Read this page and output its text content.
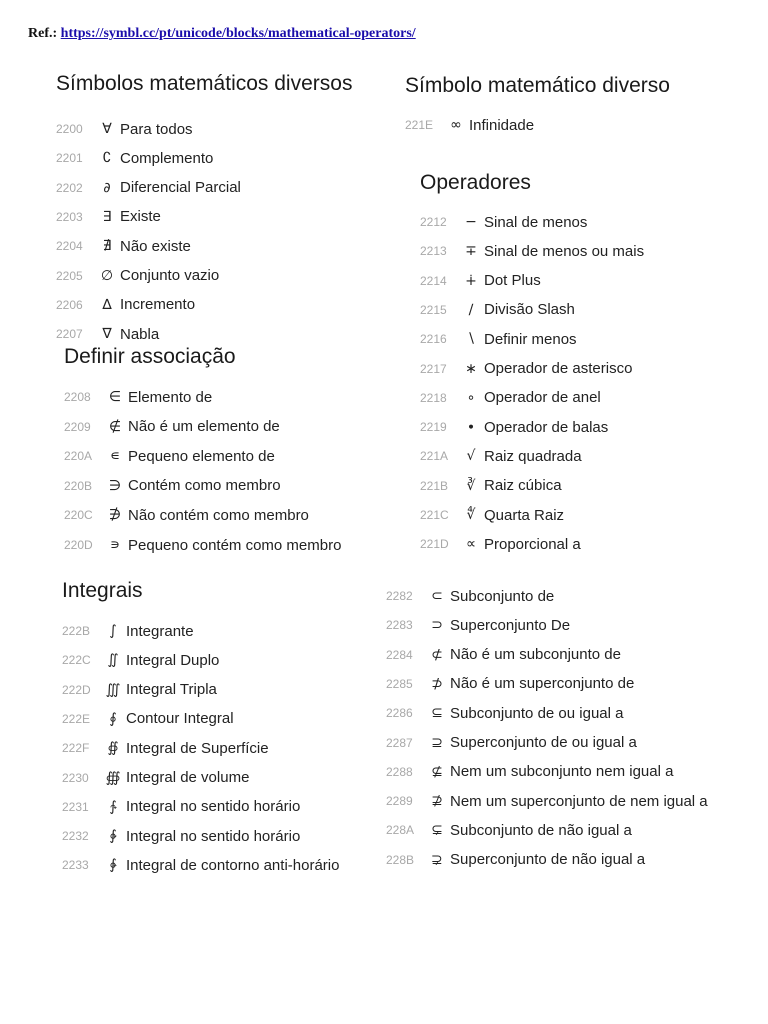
Ref.: https://symbl.cc/pt/unicode/blocks/mathematical-operators/
Símbolos matemáticos diversos
2200	∀ Para todos
2201	∁ Complemento
2202	∂ Diferencial Parcial
2203	∃ Existe
2204	∄ Não existe
2205	∅ Conjunto vazio
2206	∆ Incremento
2207	∇ Nabla
Símbolo matemático diverso
221E	∞ Infinidade
Definir associação
2208	∈ Elemento de
2209	∉ Não é um elemento de
220A	∊ Pequeno elemento de
220B	∋ Contém como membro
220C	∌ Não contém como membro
220D	∍ Pequeno contém como membro
Operadores
2212	− Sinal de menos
2213	∓ Sinal de menos ou mais
2214	∔ Dot Plus
2215	∕ Divisão Slash
2216	∖ Definir menos
2217	∗ Operador de asterisco
2218	∘ Operador de anel
2219	∙ Operador de balas
221A	√ Raiz quadrada
221B	∛ Raiz cúbica
221C	∜ Quarta Raiz
221D	∝ Proporcional a
Integrais
222B	∫ Integrante
222C	∬ Integral Duplo
222D	∭ Integral Tripla
222E	∮ Contour Integral
222F	∯ Integral de Superfície
2230	∰ Integral de volume
2231	∱ Integral no sentido horário
2232	∲ Integral no sentido horário
2233	∳ Integral de contorno anti-horário
2282	⊂ Subconjunto de
2283	⊃ Superconjunto De
2284	⊄ Não é um subconjunto de
2285	⊅ Não é um superconjunto de
2286	⊆ Subconjunto de ou igual a
2287	⊇ Superconjunto de ou igual a
2288	⊈ Nem um subconjunto nem igual a
2289	⊉ Nem um superconjunto de nem igual a
228A	⊊ Subconjunto de não igual a
228B	⊋ Superconjunto de não igual a
